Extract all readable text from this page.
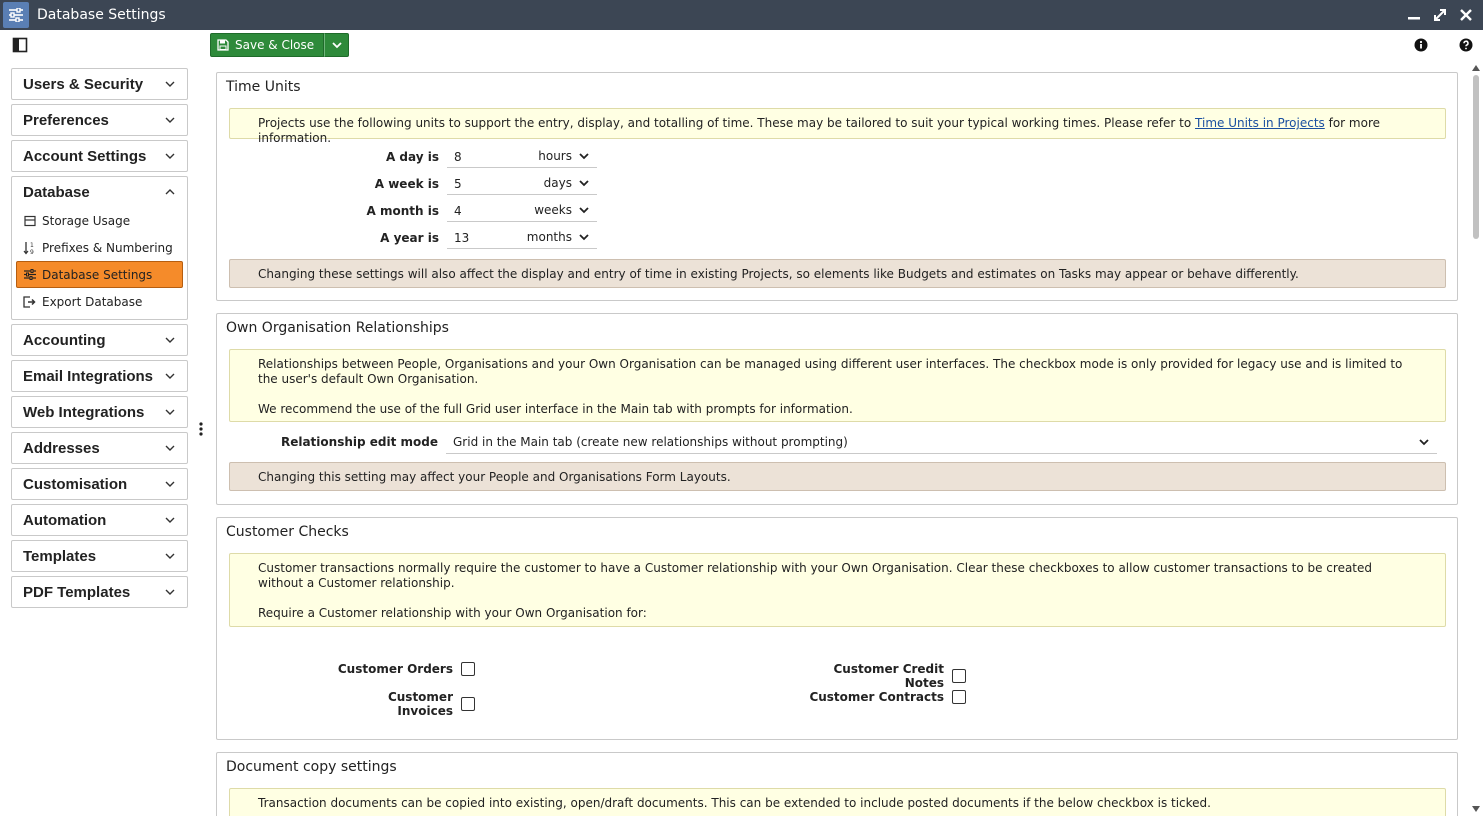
Database Settings
Save & Close
Users & Security
Preferences
Account Settings
Database
Storage Usage
1
9 Prefixes & Numbering
Database Settings
Export Database
Accounting
Email Integrations
Web Integrations
Addresses
Customisation
Automation
Templates
PDF Templates
Time Units
Projects use the following units to support the entry, display, and totalling of time. These may be tailored to suit your typical working times. Please refer to Time Units in Projects for more information.
A day is	8	hours
A week is	5	days
A month is	4	weeks
A year is	13	months
Changing these settings will also affect the display and entry of time in existing Projects, so elements like Budgets and estimates on Tasks may appear or behave differently.
Own Organisation Relationships
Relationships between People, Organisations and your Own Organisation can be managed using different user interfaces. The checkbox mode is only provided for legacy use and is limited to the user's default Own Organisation.
We recommend the use of the full Grid user interface in the Main tab with prompts for information.
Changing this setting may affect your People and Organisations Form Layouts.
Relationship edit mode	Grid in the Main tab (create new relationships without prompting)
Customer Checks
Customer transactions normally require the customer to have a Customer relationship with your Own Organisation. Clear these checkboxes to allow customer transactions to be created without a Customer relationship.
Require a Customer relationship with your Own Organisation for:
Customer Orders
Customer Invoices
Customer Credit Notes
Customer Contracts
Document copy settings
Transaction documents can be copied into existing, open/draft documents. This can be extended to include posted documents if the below checkbox is ticked.
